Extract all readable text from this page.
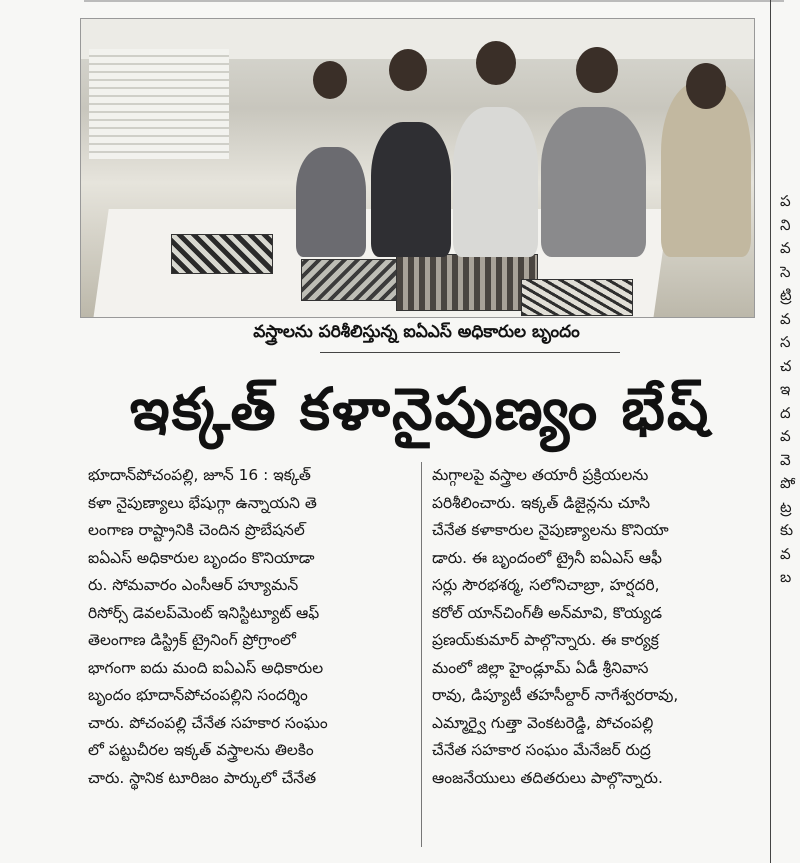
వస్త్రాలను పరిశీలిస్తున్న ఐఏఎస్ అధికారుల బృందం
ఇక్కత్ కళానైపుణ్యం భేష్

భూదాన్‌పోచంపల్లి, జూన్ 16 : ఇక్కత్

కళా నైపుణ్యాలు భేషుగ్గా ఉన్నాయని తె

లంగాణ రాష్ట్రానికి చెందిన ప్రొబేషనల్

ఐఏఎస్ అధికారుల బృందం కొనియాడా

రు. సోమవారం ఎంసీఆర్ హ్యూమన్

రిసోర్స్ డెవలప్‌మెంట్ ఇనిస్టిట్యూట్ ఆఫ్

తెలంగాణ డిస్ట్రిక్ ట్రైనింగ్ ప్రోగ్రాంలో

భాగంగా ఐదు మంది ఐఏఎస్ అధికారుల

బృందం భూదాన్‌పోచంపల్లిని సందర్శిం

చారు. పోచంపల్లి చేనేత సహకార సంఘం

లో పట్టుచీరల ఇక్కత్ వస్త్రాలను తిలకిం

చారు. స్థానిక టూరిజం పార్కులో చేనేత

మగ్గాలపై వస్త్రాల తయారీ ప్రక్రియలను

పరిశీలించారు. ఇక్కత్ డిజైన్లను చూసి

చేనేత కళాకారుల నైపుణ్యాలను కొనియా

డారు. ఈ బృందంలో ట్రైనీ ఐఏఎస్ ఆఫీ

సర్లు సౌరభశర్మ, సలోనిచాబ్రా, హర్షదరి,

కరోల్ యాన్‌చింగ్‌తీ అన్‌మావి, కొయ్యడ

ప్రణయ్‌కుమార్ పాల్గొన్నారు. ఈ కార్యక్ర

మంలో జిల్లా హైండ్లూమ్ ఏడీ శ్రీనివాస

రావు, డిప్యూటీ తహసీల్దార్ నాగేశ్వరరావు,

ఎమ్మార్వై గుత్తా వెంకటరెడ్డి, పోచంపల్లి

చేనేత సహకార సంఘం మేనేజర్ రుద్ర

ఆంజనేయులు తదితరులు పాల్గొన్నారు.

ప
ని
వ
సె
ట్రి
వ
స
చ
ఇ
ద
వ
వె
పో
ట్ర
కు
వ
బ
